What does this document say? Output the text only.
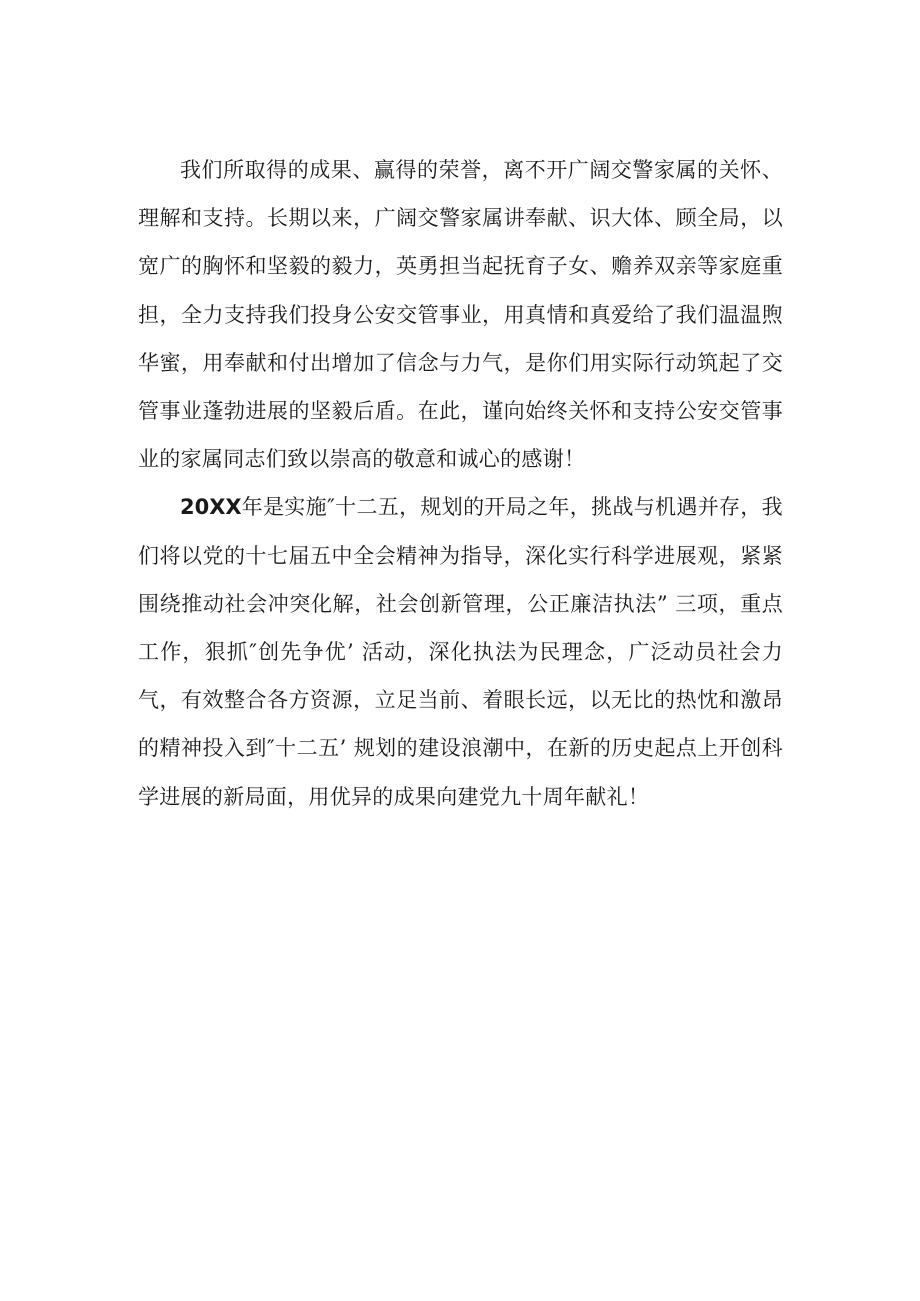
我们所取得的成果、赢得的荣誉，离不开广阔交警家属的关怀、理解和支持。长期以来，广阔交警家属讲奉献、识大体、顾全局，以宽广的胸怀和坚毅的毅力，英勇担当起抚育子女、赡养双亲等家庭重担，全力支持我们投身公安交管事业，用真情和真爱给了我们温温煦华蜜，用奉献和付出增加了信念与力气，是你们用实际行动筑起了交管事业蓬勃进展的坚毅后盾。在此，谨向始终关怀和支持公安交管事业的家属同志们致以崇高的敬意和诚心的感谢！

20XX年是实施″十二五，规划的开局之年，挑战与机遇并存，我们将以党的十七届五中全会精神为指导，深化实行科学进展观，紧紧围绕推动社会冲突化解，社会创新管理，公正廉洁执法” 三项，重点工作，狠抓″创先争优’ 活动，深化执法为民理念，广泛动员社会力气，有效整合各方资源，立足当前、着眼长远，以无比的热忱和激昂的精神投入到″十二五’ 规划的建设浪潮中，在新的历史起点上开创科学进展的新局面，用优异的成果向建党九十周年献礼！
